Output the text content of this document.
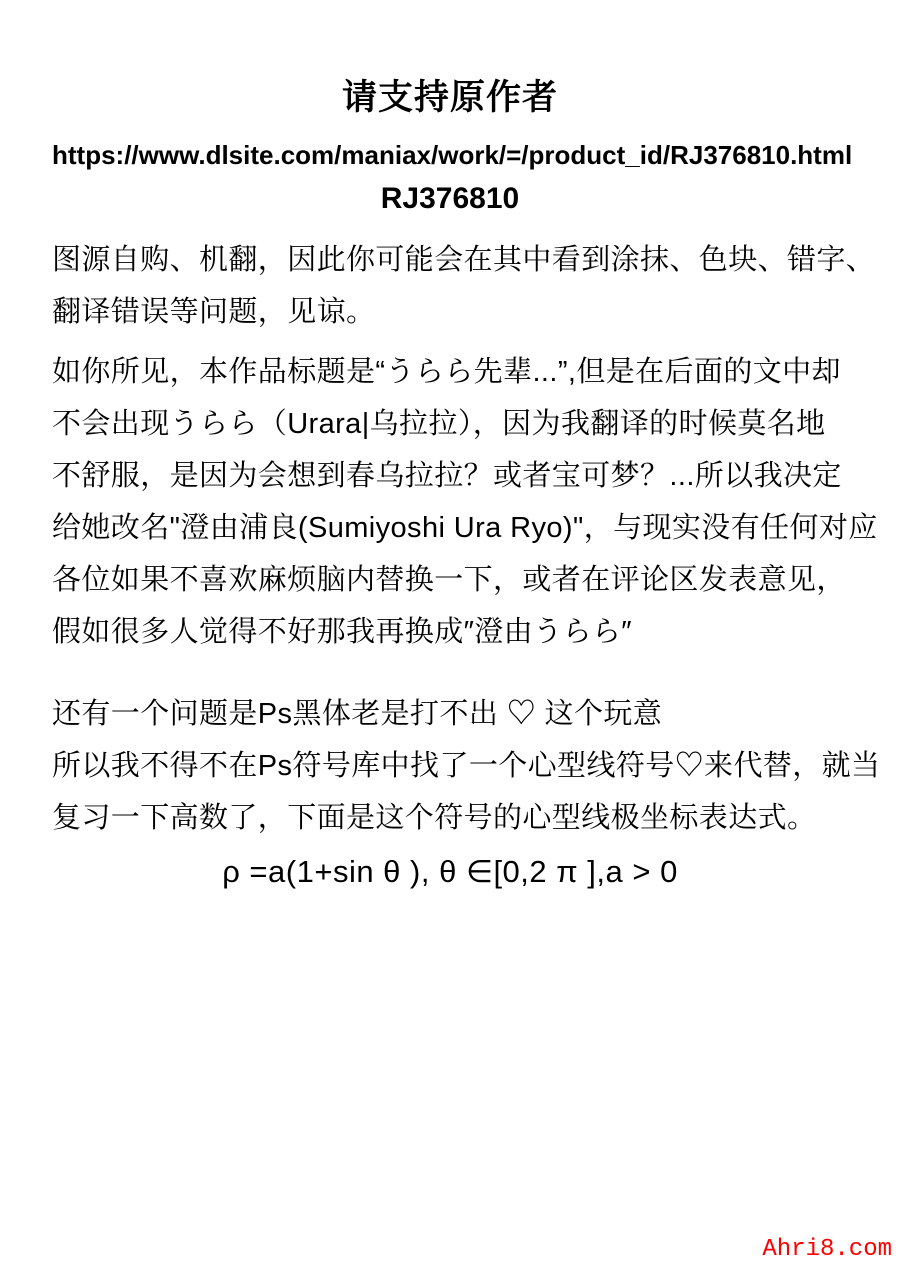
请支持原作者
https://www.dlsite.com/maniax/work/=/product_id/RJ376810.html
RJ376810
图源自购、机翻，因此你可能会在其中看到涂抹、色块、错字、
翻译错误等问题，见谅。
如你所见，本作品标题是“うらら先辈...”,但是在后面的文中却
不会出现うらら（Urara|乌拉拉），因为我翻译的时候莫名地
不舒服，是因为会想到春乌拉拉？或者宝可梦？...所以我决定
给她改名"澄由浦良(Sumiyoshi Ura Ryo)"，与现实没有任何对应
各位如果不喜欢麻烦脑内替换一下，或者在评论区发表意见，
假如很多人觉得不好那我再换成″澄由うらら″
还有一个问题是Ps黑体老是打不出 ♡ 这个玩意
所以我不得不在Ps符号库中找了一个心型线符号♡来代替，就当
复习一下高数了，下面是这个符号的心型线极坐标表达式。
ρ =a(1+sin θ ), θ ∈[0,2 π ],a > 0
Ahri8.com
